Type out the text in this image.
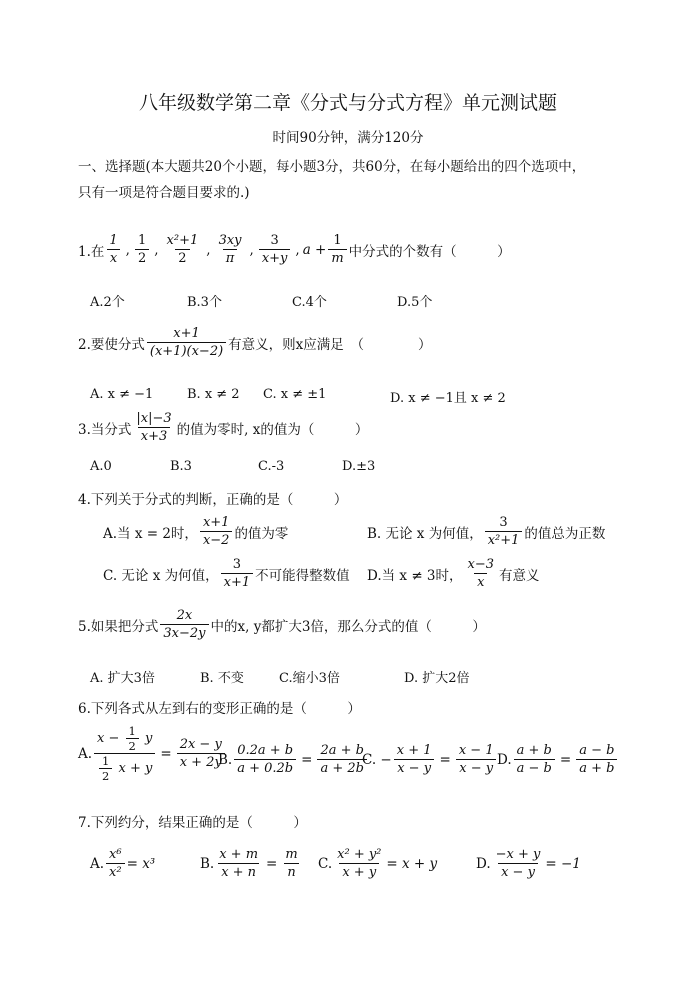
八年级数学第二章《分式与分式方程》单元测试题
时间90分钟，满分120分
一、选择题(本大题共20个小题，每小题3分，共60分，在每小题给出的四个选项中，
只有一项是符合题目要求的.)
1.在 $\frac{1}{x}$ , $\frac{1}{2}$ , $\frac{\text{x²+1}}{2}$ , $\frac{3xy}{\pi}$ , $\frac{3}{x+y}$ , $a + \frac{1}{m}$ 中分式的个数有（　　　）
A.2个	B.3个	C.4个	D.5个
2.要使分式 $\frac{x+1}{(x+1)(x-2)}$ 有意义，则x应满足　（　　　　）
A. x ≠ −1	B. x ≠ 2 C. x ≠ ±1	D. x ≠ −1且 x ≠ 2
3.当分式 $\frac{|x|-3}{x+3}$ 的值为零时, x的值为（　　　）
A.0	B.3	C.-3	D.±3
4.下列关于分式的判断，正确的是（　　　）
A.当 x = 2时， $\frac{x+1}{x-2}$ 的值为零	B. 无论 x 为何值， $\frac{3}{\text{x²+1}}$ 的值总为正数
C. 无论 x 为何值， $\frac{3}{x+1}$ 不可能得整数值 D.当 x ≠ 3时， $\frac{x-3}{x}$ 有意义
5.如果把分式 $\frac{2x}{3x-2y}$ 中的x, y都扩大3倍，那么分式的值（　　　）
A. 扩大3倍	B. 不变	C.缩小3倍	D. 扩大2倍
6.下列各式从左到右的变形正确的是（　　　）
A. $\frac{x - \frac{1}{2} y}{\frac{1}{2} x + y} = \frac{2x - y}{x + 2y}$
B. $\frac{0.2a + b}{a + 0.2b} = \frac{2a + b}{a + 2b}$
C. − $\frac{x + 1}{x - y} = \frac{x - 1}{x - y} D$. $\frac{a + b}{a - b} = \frac{a - b}{a + b}$
7.下列约分，结果正确的是（　　　）
A. $\frac{\text{x⁶}}{\text{x²}} = x^3$	B. $\frac{x + m}{x + n} = \frac{m}{n} C$. $\frac{\text{x² + y²}}{x + y} = x + y$	D. $\frac{-x + y}{x - y} = -1$
